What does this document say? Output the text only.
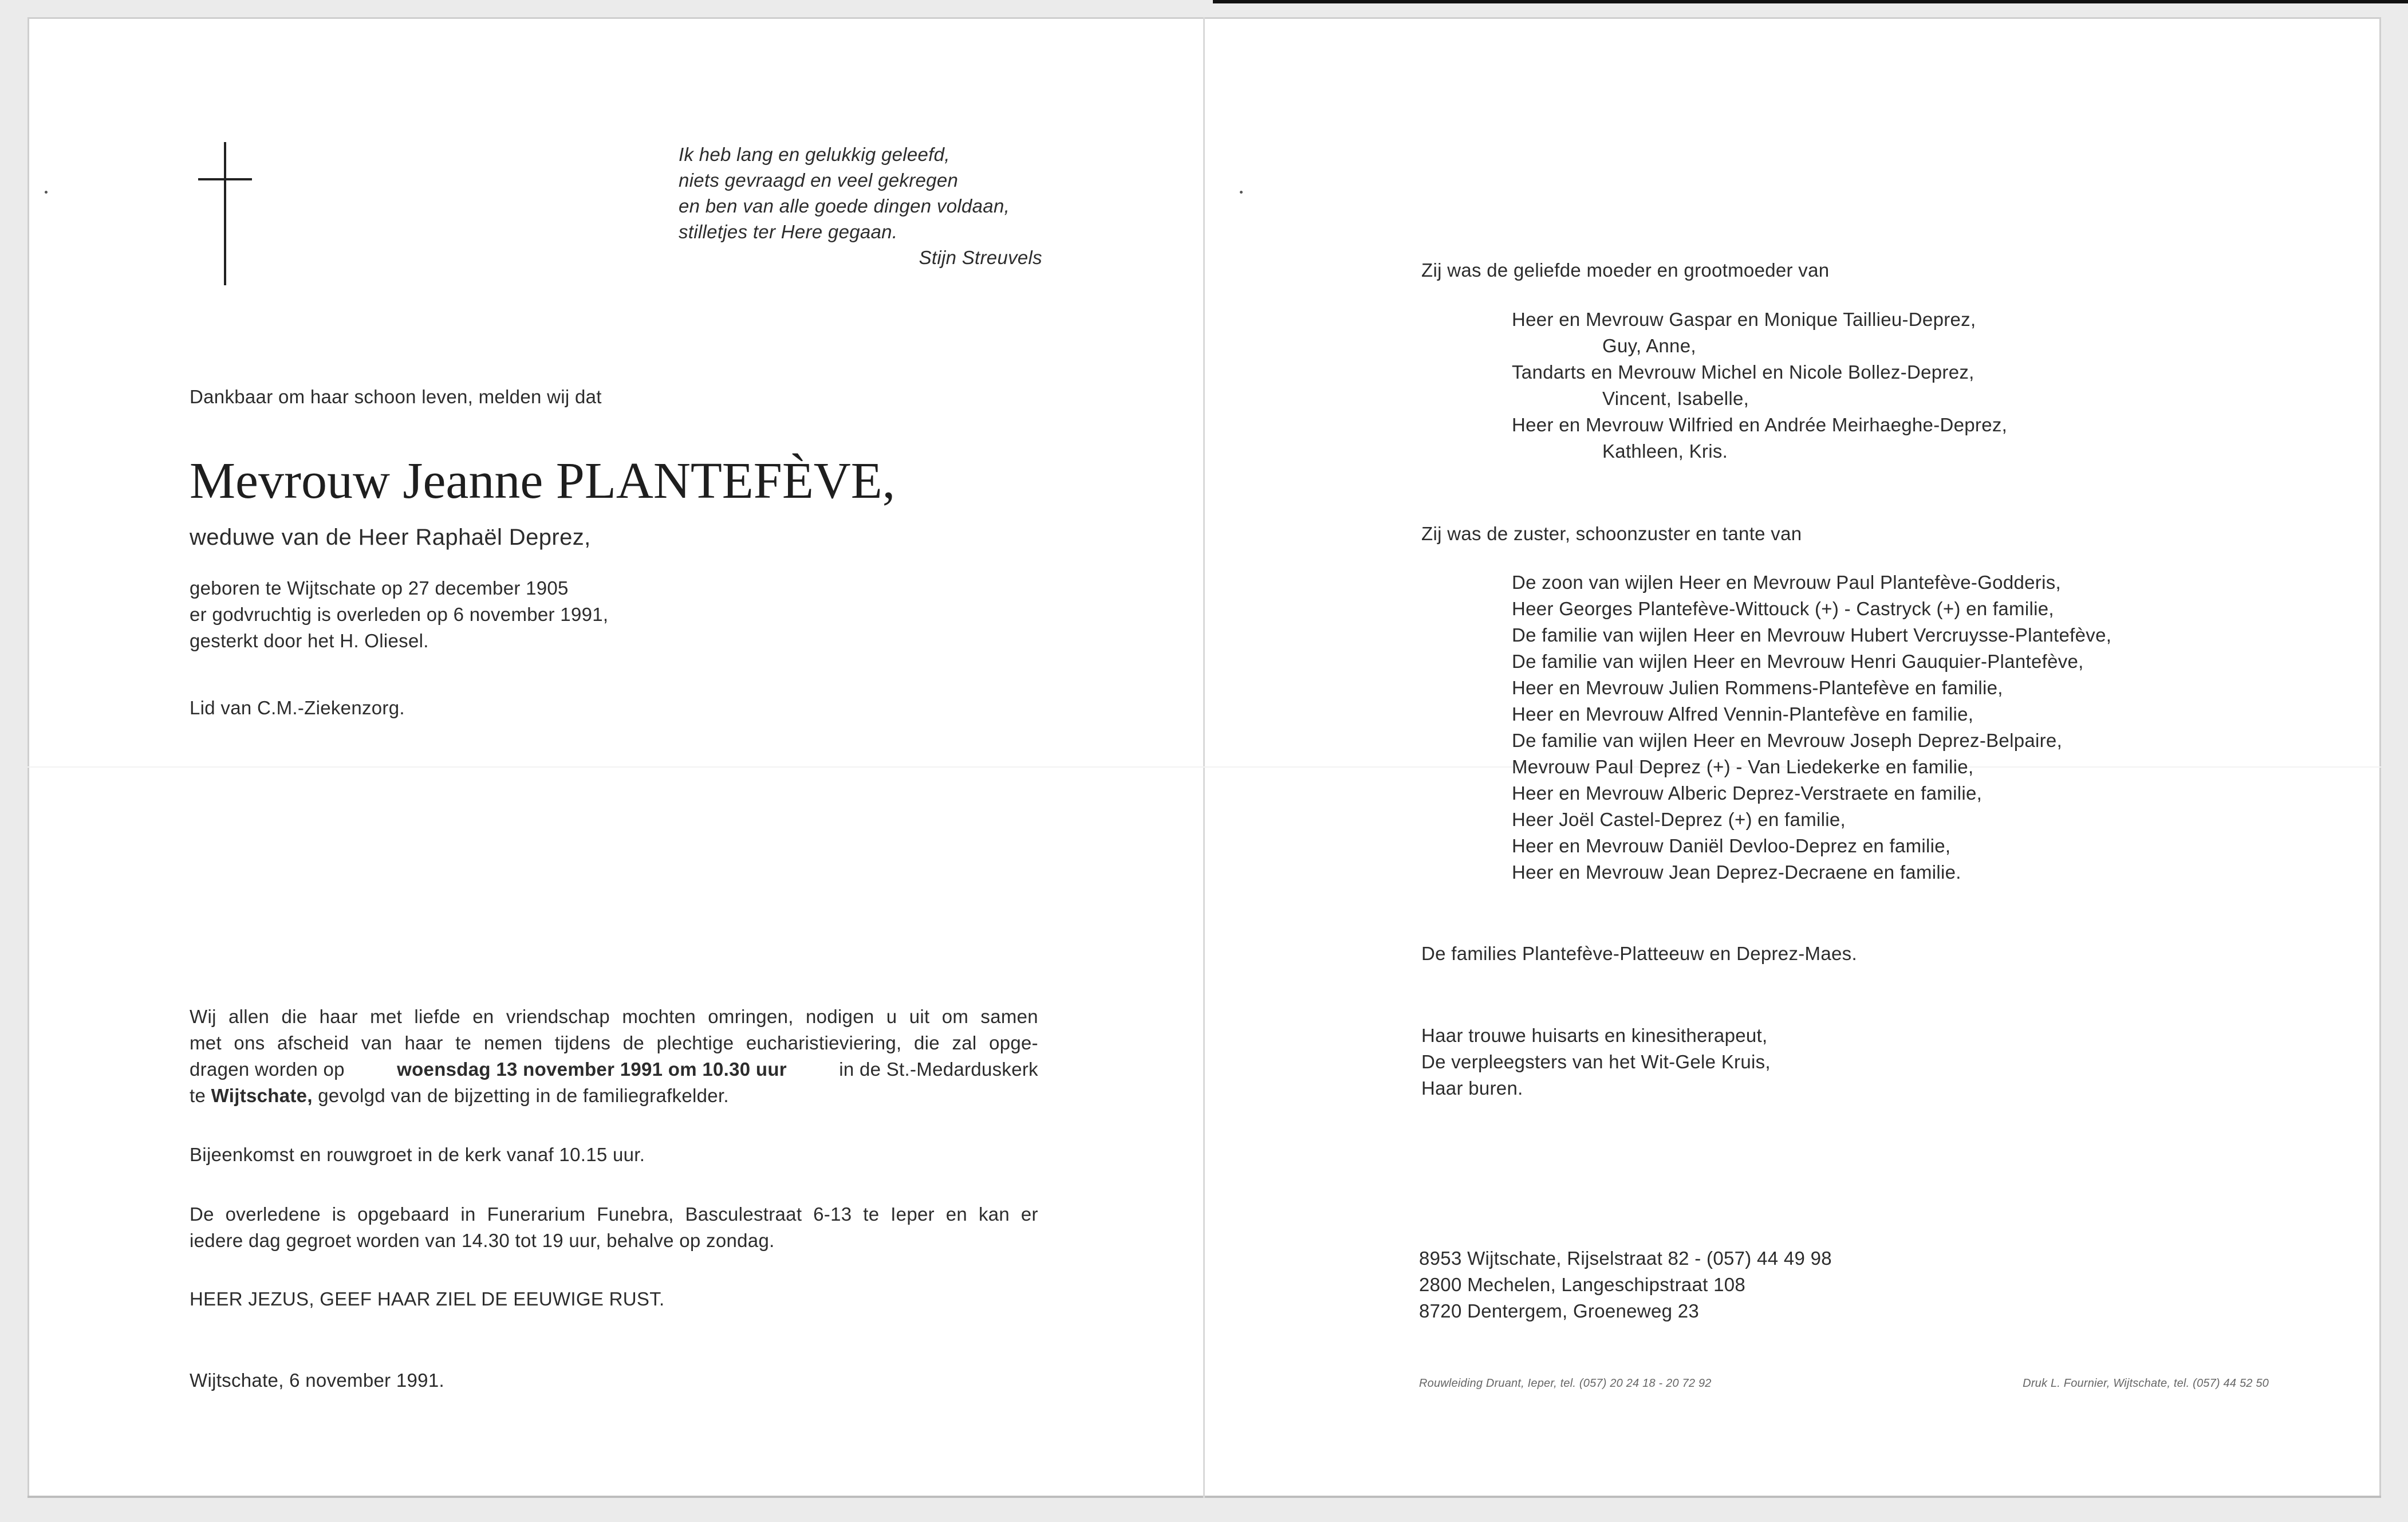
Ik heb lang en gelukkig geleefd,
niets gevraagd en veel gekregen
en ben van alle goede dingen voldaan,
stilletjes ter Here gegaan.

Stijn Streuvels

Dankbaar om haar schoon leven, melden wij dat

Mevrouw Jeanne PLANTEFÈVE,

weduwe van de Heer Raphaël Deprez,

geboren te Wijtschate op 27 december 1905
er godvruchtig is overleden op 6 november 1991,
gesterkt door het H. Oliesel.

Lid van C.M.-Ziekenzorg.

Wij allen die haar met liefde en vriendschap mochten omringen, nodigen u uit om samen
met ons afscheid van haar te nemen tijdens de plechtige eucharistieviering, die zal opge-
dragen worden op	woensdag 13 november 1991 om 10.30 uur	in de St.-Medarduskerk
te
Wijtschate,
gevolgd van de bijzetting in de familiegrafkelder.

Bijeenkomst en rouwgroet in de kerk vanaf 10.15 uur.

De overledene is opgebaard in Funerarium Funebra, Basculestraat 6-13 te Ieper en kan er
iedere dag gegroet worden van 14.30 tot 19 uur, behalve op zondag.

HEER JEZUS, GEEF HAAR ZIEL DE EEUWIGE RUST.

Wijtschate, 6 november 1991.

Zij was de geliefde moeder en grootmoeder van

Heer en Mevrouw Gaspar en Monique Taillieu-Deprez,
Guy, Anne,
Tandarts en Mevrouw Michel en Nicole Bollez-Deprez,
Vincent, Isabelle,
Heer en Mevrouw Wilfried en Andrée Meirhaeghe-Deprez,
Kathleen, Kris.

Zij was de zuster, schoonzuster en tante van

De zoon van wijlen Heer en Mevrouw Paul Plantefève-Godderis,
Heer Georges Plantefève-Wittouck (+) - Castryck (+) en familie,
De familie van wijlen Heer en Mevrouw Hubert Vercruysse-Plantefève,
De familie van wijlen Heer en Mevrouw Henri Gauquier-Plantefève,
Heer en Mevrouw Julien Rommens-Plantefève en familie,
Heer en Mevrouw Alfred Vennin-Plantefève en familie,
De familie van wijlen Heer en Mevrouw Joseph Deprez-Belpaire,
Mevrouw Paul Deprez (+) - Van Liedekerke en familie,
Heer en Mevrouw Alberic Deprez-Verstraete en familie,
Heer Joël Castel-Deprez (+) en familie,
Heer en Mevrouw Daniël Devloo-Deprez en familie,
Heer en Mevrouw Jean Deprez-Decraene en familie.

De families Plantefève-Platteeuw en Deprez-Maes.

Haar trouwe huisarts en kinesitherapeut,
De verpleegsters van het Wit-Gele Kruis,
Haar buren.
8953 Wijtschate, Rijselstraat 82 - (057) 44 49 98
2800 Mechelen, Langeschipstraat 108
8720 Dentergem, Groeneweg 23

Rouwleiding Druant, Ieper, tel. (057) 20 24 18 - 20 72 92	Druk L. Fournier, Wijtschate, tel. (057) 44 52 50
